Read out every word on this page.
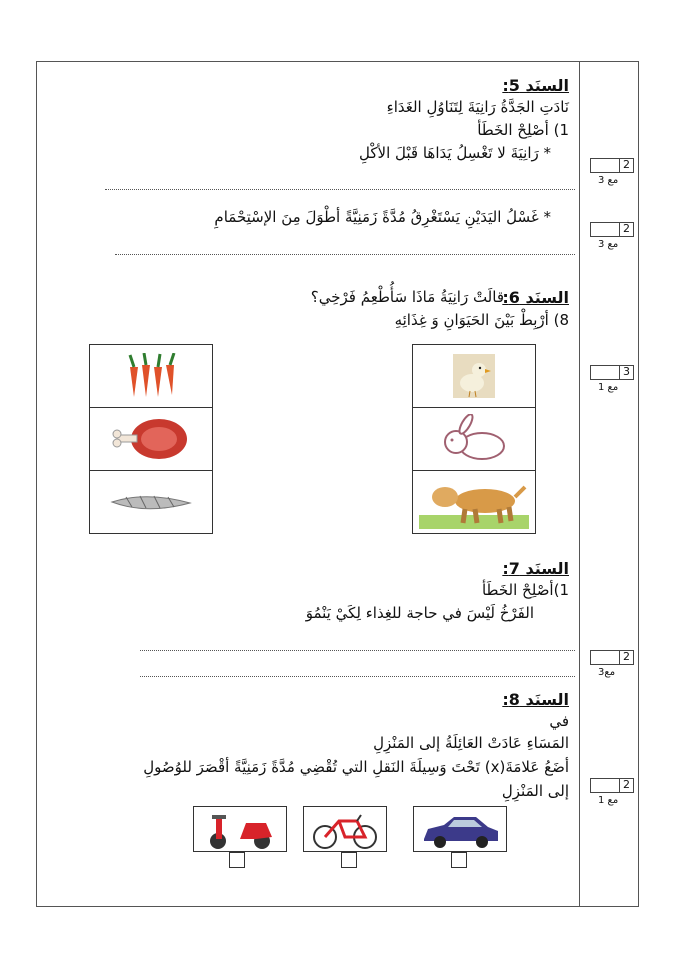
السنَد 5:
نَادَتِ الجَدَّةُ رَانِيَةَ لِتَنَاوُلِ الغَدَاءِ
1) أصْلِحْ الخَطَأ
* رَانِيَةَ لا تَغْسِلُ يَدَاهَا قَبْلَ الأكْلِ
* غَسْلُ اليَدَيْنِ يَسْتَغْرِقُ مُدَّةً زَمَنِيَّةً أطْوَلَ مِنَ الإسْتِحْمَامِ
2
مع 3
2
مع 3
السنَد 6:
قالَتْ رَانِيَةُ مَاذَا سَأُطْعِمُ فَرْخِي؟
8) أرْبِطْ بَيْنَ الحَيَوَانِ وَ غِذَائِهِ

3
مع 1
السنَد 7:
1)أصْلِحْ الخَطَأ
الفَرْخُ لَيْسَ في حاجة للغِذاء لِكَيْ يَنْمُوَ
2
مع3
السنَد 8:
في
المَسَاءِ عَادَتْ العَائِلَةُ إلى المَنْزِلِ
أضَعُ عَلامَةَ(x) تَحْتَ وَسِيلَةَ النَقلِ التي تُقْضِي مُدَّةً زَمَنِيَّةً أقْصَرَ للوُصُولِ
إلى المَنْزِلِ	2
مع 1
